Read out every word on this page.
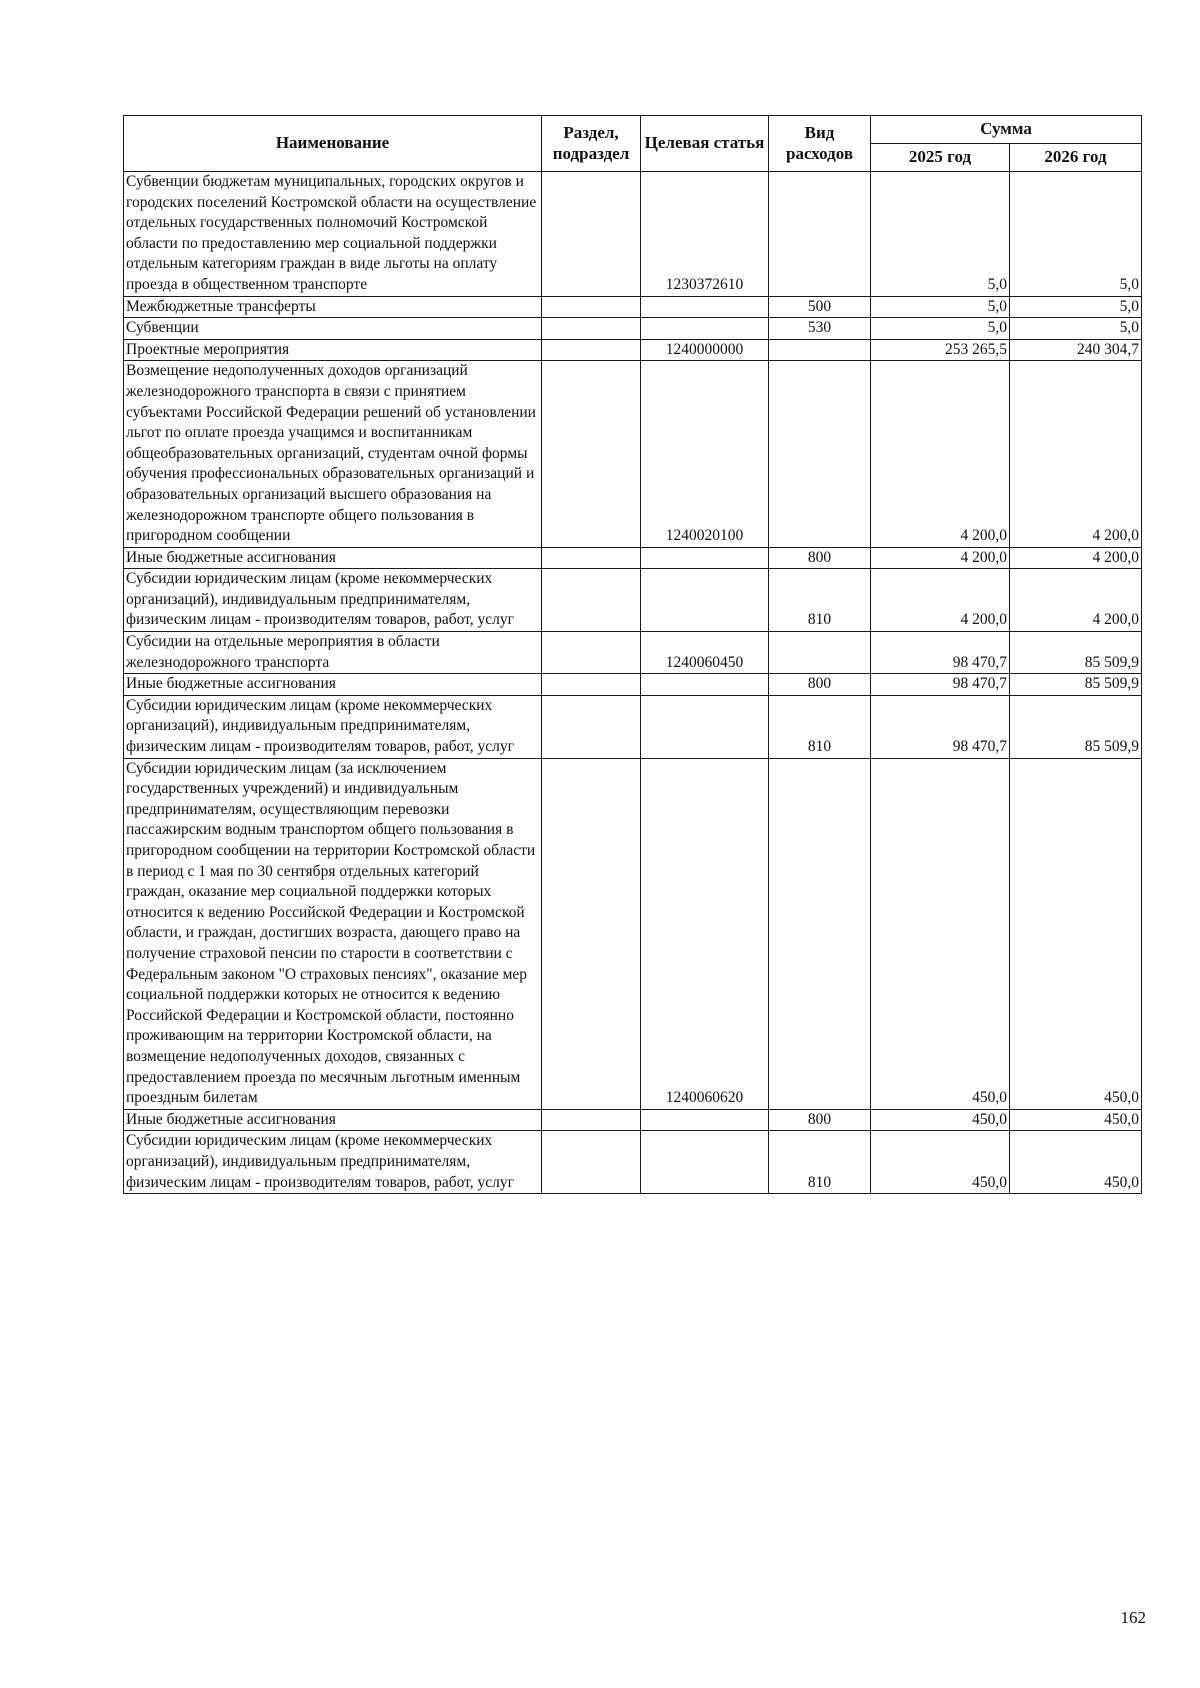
Наименование	Раздел, подраздел	Целевая статья	Вид расходов	Сумма	
				2025 год	2026 год
Субвенции бюджетам муниципальных, городских округов и городских поселений Костромской области на осуществление отдельных государственных полномочий Костромской области по предоставлению мер социальной поддержки отдельным категориям граждан в виде льготы на оплату проезда в общественном транспорте		1230372610		5,0	5,0
Межбюджетные трансферты			500	5,0	5,0
Субвенции			530	5,0	5,0
Проектные мероприятия		1240000000		253 265,5	240 304,7
Возмещение недополученных доходов организаций железнодорожного транспорта в связи с принятием субъектами Российской Федерации решений об установлении льгот по оплате проезда учащимся и воспитанникам общеобразовательных организаций, студентам очной формы обучения профессиональных образовательных организаций и образовательных организаций высшего образования на железнодорожном транспорте общего пользования в пригородном сообщении		1240020100		4 200,0	4 200,0
Иные бюджетные ассигнования			800	4 200,0	4 200,0
Субсидии юридическим лицам (кроме некоммерческих организаций), индивидуальным предпринимателям, физическим лицам - производителям товаров, работ, услуг			810	4 200,0	4 200,0
Субсидии на отдельные мероприятия в области железнодорожного транспорта		1240060450		98 470,7	85 509,9
Иные бюджетные ассигнования			800	98 470,7	85 509,9
Субсидии юридическим лицам (кроме некоммерческих организаций), индивидуальным предпринимателям, физическим лицам - производителям товаров, работ, услуг			810	98 470,7	85 509,9
Субсидии юридическим лицам (за исключением государственных учреждений) и индивидуальным предпринимателям, осуществляющим перевозки пассажирским водным транспортом общего пользования в пригородном сообщении на территории Костромской области в период с 1 мая по 30 сентября отдельных категорий граждан, оказание мер социальной поддержки которых относится к ведению Российской Федерации и Костромской области, и граждан, достигших возраста, дающего право на получение страховой пенсии по старости в соответствии с Федеральным законом "О страховых пенсиях", оказание мер социальной поддержки которых не относится к ведению Российской Федерации и Костромской области, постоянно проживающим на территории Костромской области, на возмещение недополученных доходов, связанных с предоставлением проезда по месячным льготным именным проездным билетам		1240060620		450,0	450,0
Иные бюджетные ассигнования			800	450,0	450,0
Субсидии юридическим лицам (кроме некоммерческих организаций), индивидуальным предпринимателям, физическим лицам - производителям товаров, работ, услуг			810	450,0	450,0
162
